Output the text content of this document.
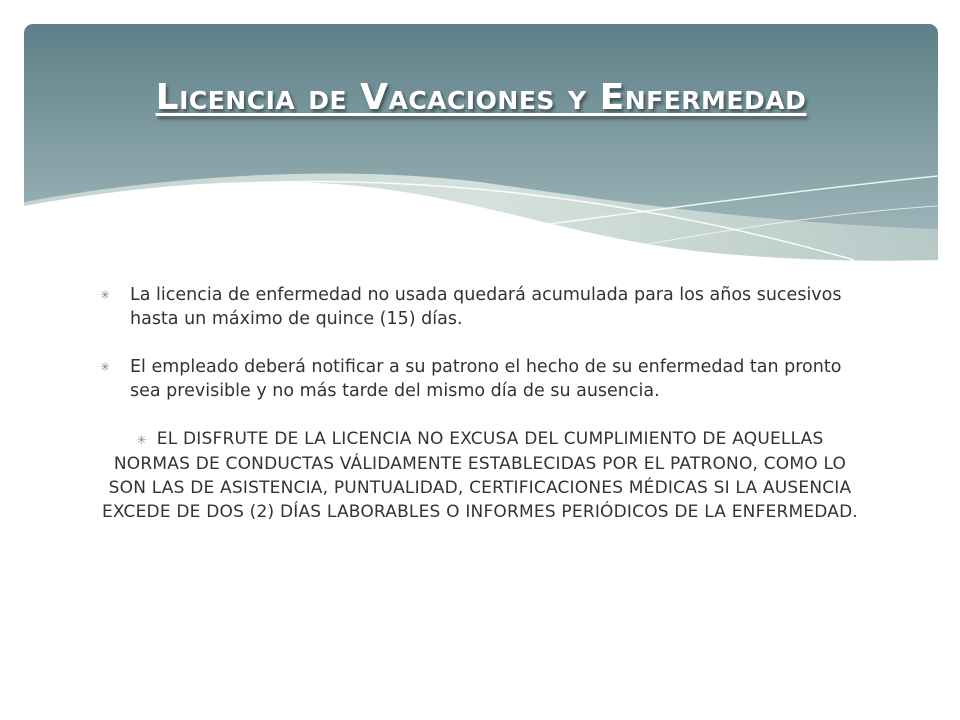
Licencia de Vacaciones y Enfermedad
✳ La licencia de enfermedad no usada quedará acumulada para los años sucesivos hasta un máximo de quince (15) días.
✳ El empleado deberá notificar a su patrono el hecho de su enfermedad tan pronto sea previsible y no más tarde del mismo día de su ausencia.
✳ EL DISFRUTE DE LA LICENCIA NO EXCUSA DEL CUMPLIMIENTO DE AQUELLAS NORMAS DE CONDUCTAS VÁLIDAMENTE ESTABLECIDAS POR EL PATRONO, COMO LO SON LAS DE ASISTENCIA, PUNTUALIDAD, CERTIFICACIONES MÉDICAS SI LA AUSENCIA EXCEDE DE DOS (2) DÍAS LABORABLES O INFORMES PERIÓDICOS DE LA ENFERMEDAD.
